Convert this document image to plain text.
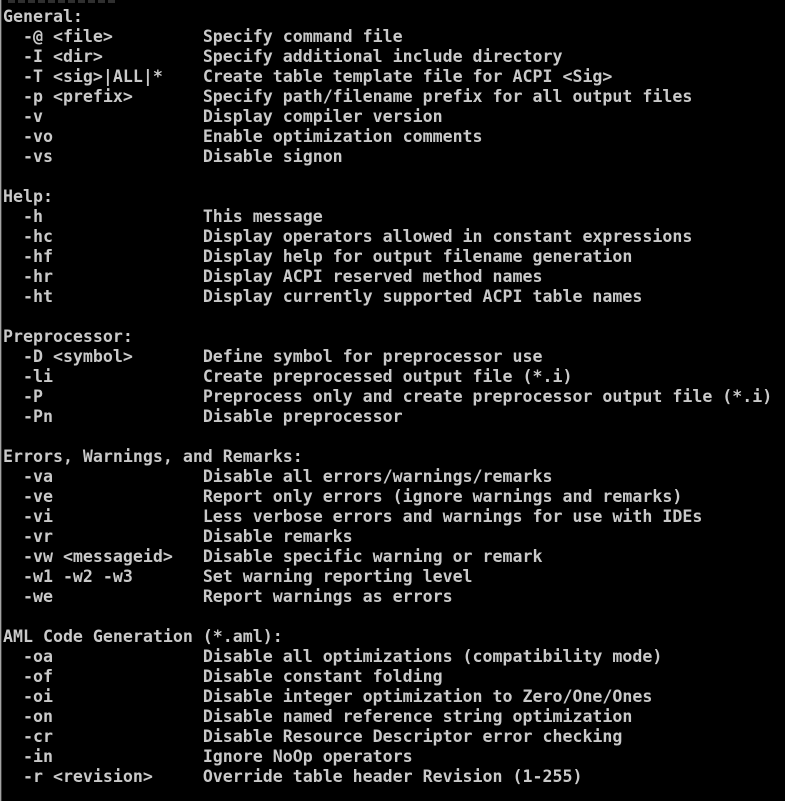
General:
-@ <file>         Specify command file
-I <dir>          Specify additional include directory
-T <sig>|ALL|*    Create table template file for ACPI <Sig>
-p <prefix>       Specify path/filename prefix for all output files
-v                Display compiler version
-vo               Enable optimization comments
-vs               Disable signon
Help:
-h                This message
-hc               Display operators allowed in constant expressions
-hf               Display help for output filename generation
-hr               Display ACPI reserved method names
-ht               Display currently supported ACPI table names
Preprocessor:
-D <symbol>       Define symbol for preprocessor use
-li               Create preprocessed output file (*.i)
-P                Preprocess only and create preprocessor output file (*.i)
-Pn               Disable preprocessor
Errors, Warnings, and Remarks:
-va               Disable all errors/warnings/remarks
-ve               Report only errors (ignore warnings and remarks)
-vi               Less verbose errors and warnings for use with IDEs
-vr               Disable remarks
-vw <messageid>   Disable specific warning or remark
-w1 -w2 -w3       Set warning reporting level
-we               Report warnings as errors
AML Code Generation (*.aml):
-oa               Disable all optimizations (compatibility mode)
-of               Disable constant folding
-oi               Disable integer optimization to Zero/One/Ones
-on               Disable named reference string optimization
-cr               Disable Resource Descriptor error checking
-in               Ignore NoOp operators
-r <revision>     Override table header Revision (1-255)
